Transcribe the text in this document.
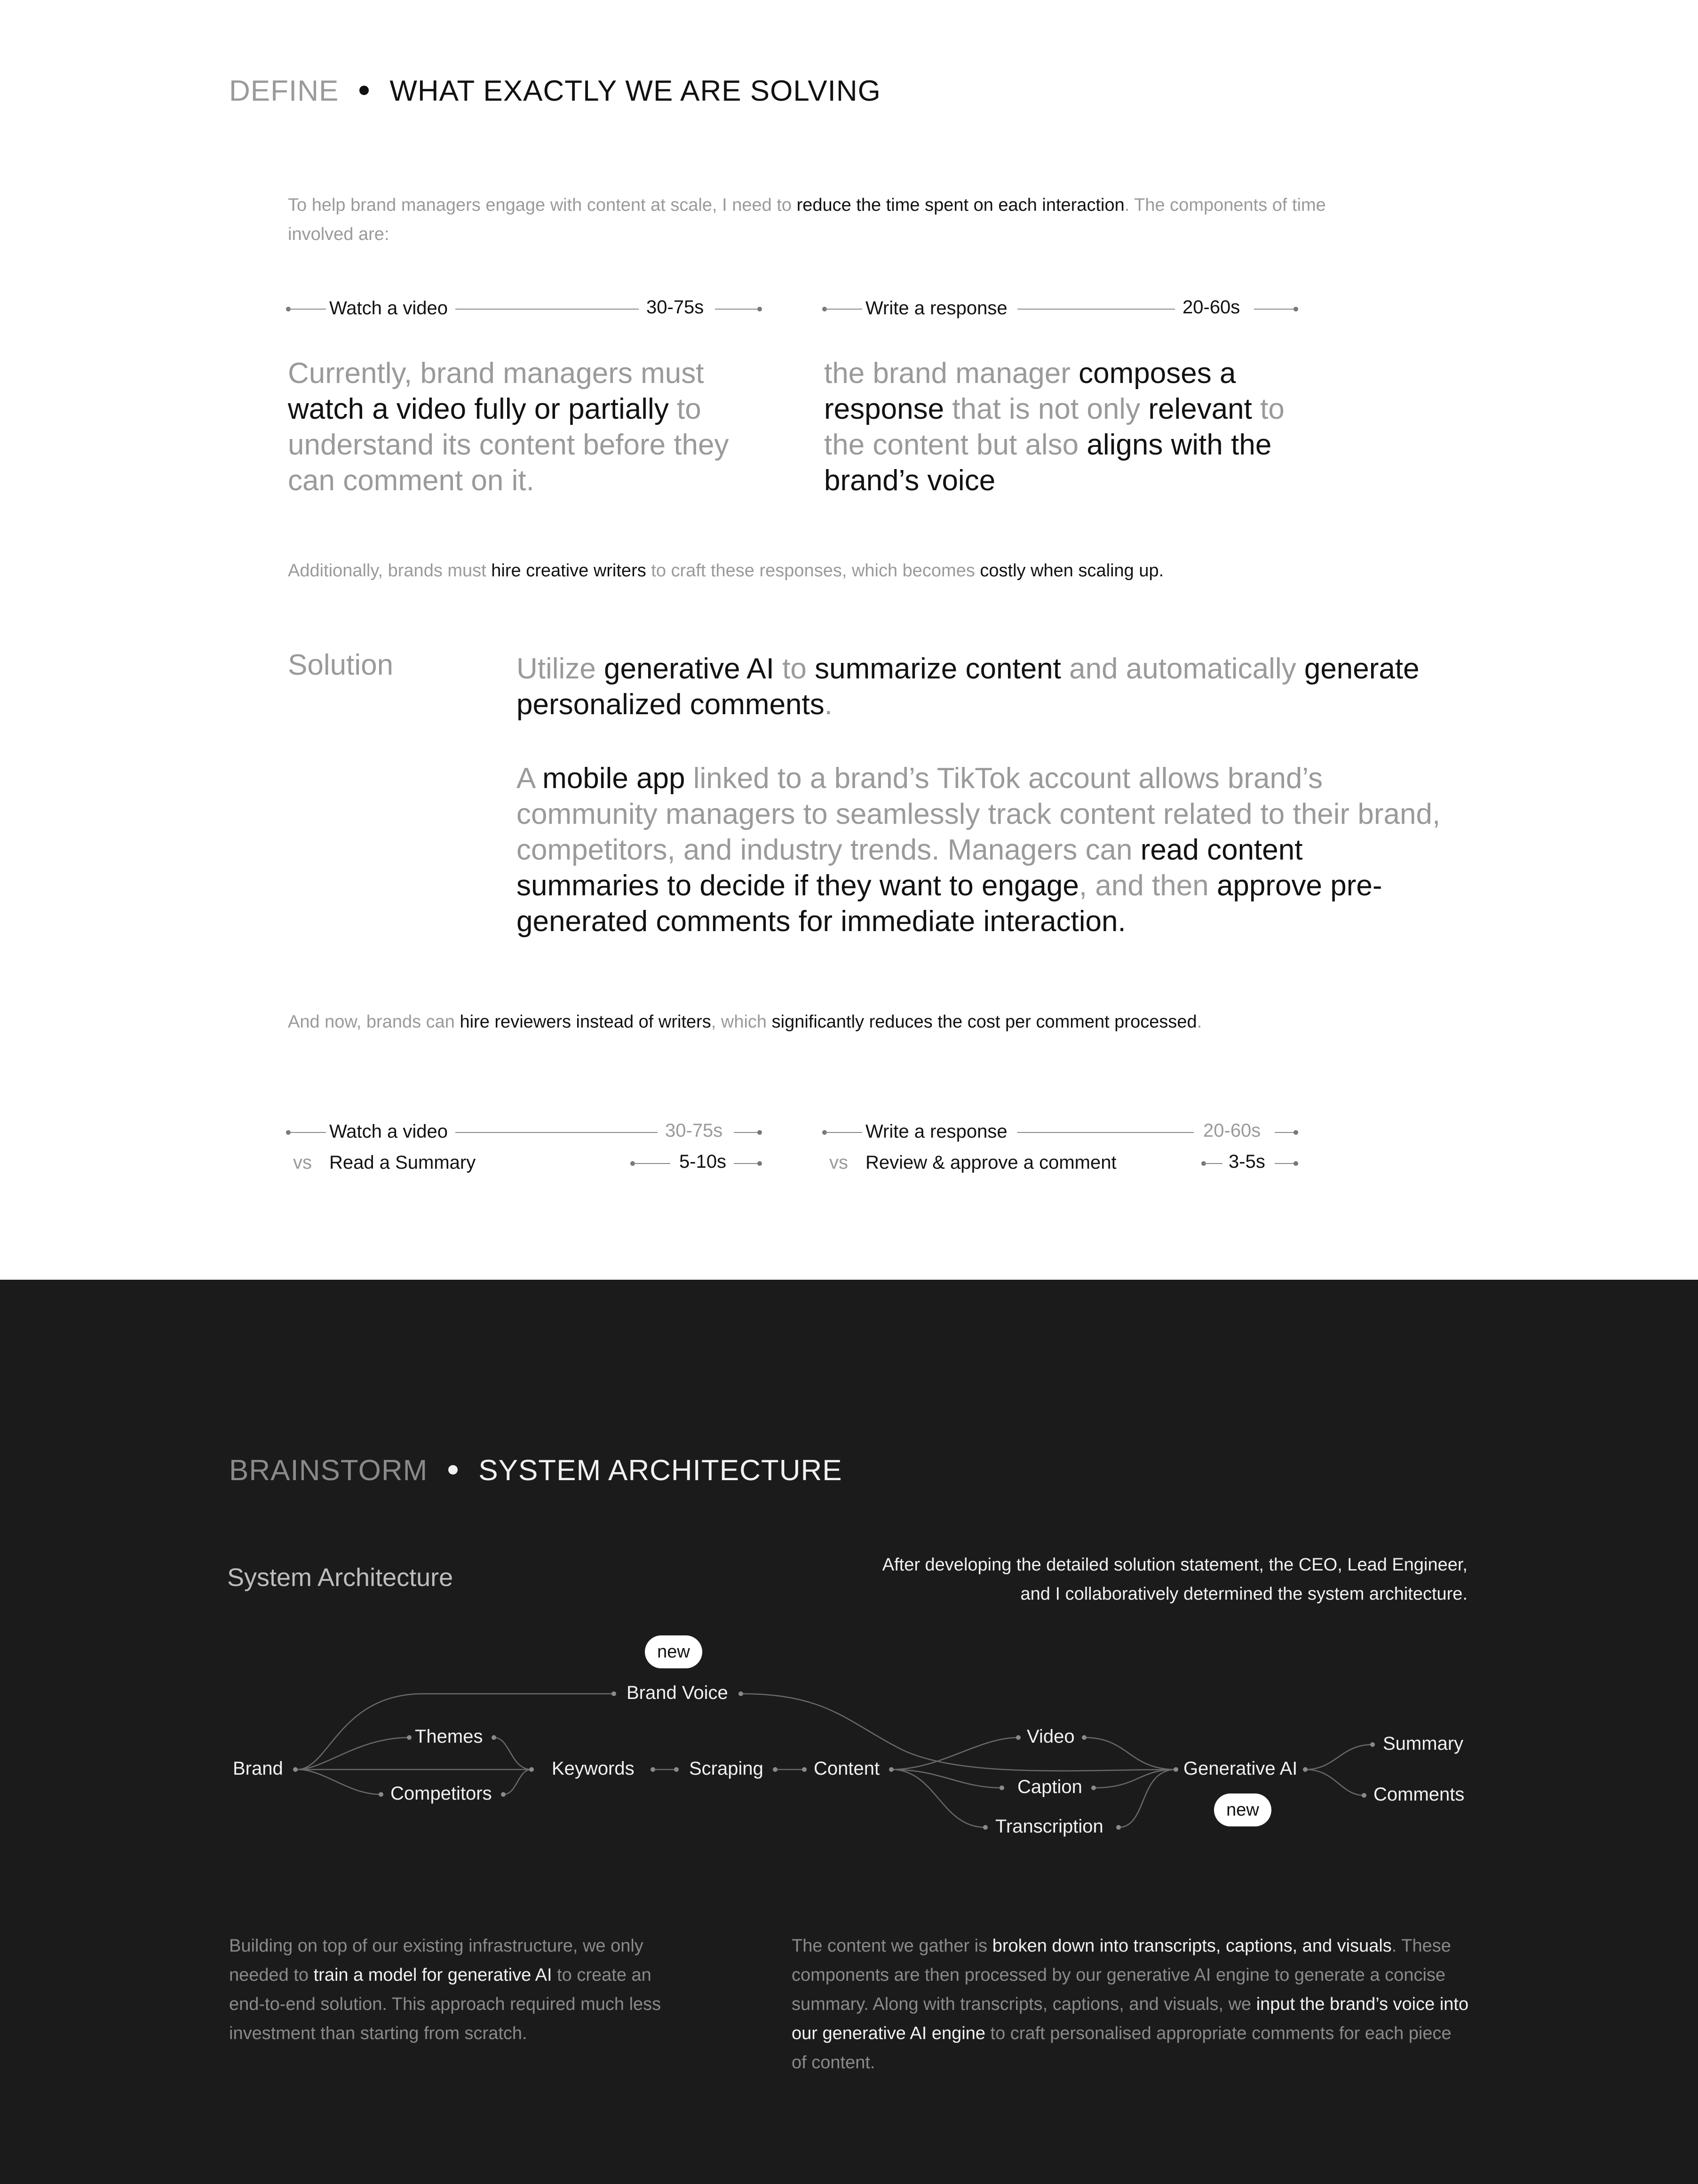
DEFINE WHAT EXACTLY WE ARE SOLVING
To help brand managers engage with content at scale, I need to reduce the time spent on each interaction. The components of time involved are:
Watch a video	30-75s	Write a response	20-60s
Currently, brand managers must watch a video fully or partially to understand its content before they can comment on it.
the brand manager composes a response that is not only relevant to the content but also aligns with the brand’s voice
Additionally, brands must hire creative writers to craft these responses, which becomes costly when scaling up.
Solution	Utilize generative AI to summarize content and automatically generate personalized comments.
A mobile app linked to a brand’s TikTok account allows brand’s community managers to seamlessly track content related to their brand, competitors, and industry trends. Managers can read content summaries to decide if they want to engage, and then approve pre-generated comments for immediate interaction.
And now, brands can hire reviewers instead of writers, which significantly reduces the cost per comment processed.
Watch a video	30-75s
vs Read a Summary	5-10s
Write a response	20-60s
vs Review & approve a comment	3-5s
BRAINSTORM SYSTEM ARCHITECTURE
System Architecture	After developing the detailed solution statement, the CEO, Lead Engineer,
and I collaboratively determined the system architecture.
Brand
Themes
Competitors
Keywords	Scraping	Content
Brand Voice
Video
Caption
Transcription
Generative AI
Summary
Comments
new
new
Building on top of our existing infrastructure, we only needed to train a model for generative AI to create an end-to-end solution. This approach required much less investment than starting from scratch.
The content we gather is broken down into transcripts, captions, and visuals. These components are then processed by our generative AI engine to generate a concise summary. Along with transcripts, captions, and visuals, we input the brand’s voice into our generative AI engine to craft personalised appropriate comments for each piece of content.
